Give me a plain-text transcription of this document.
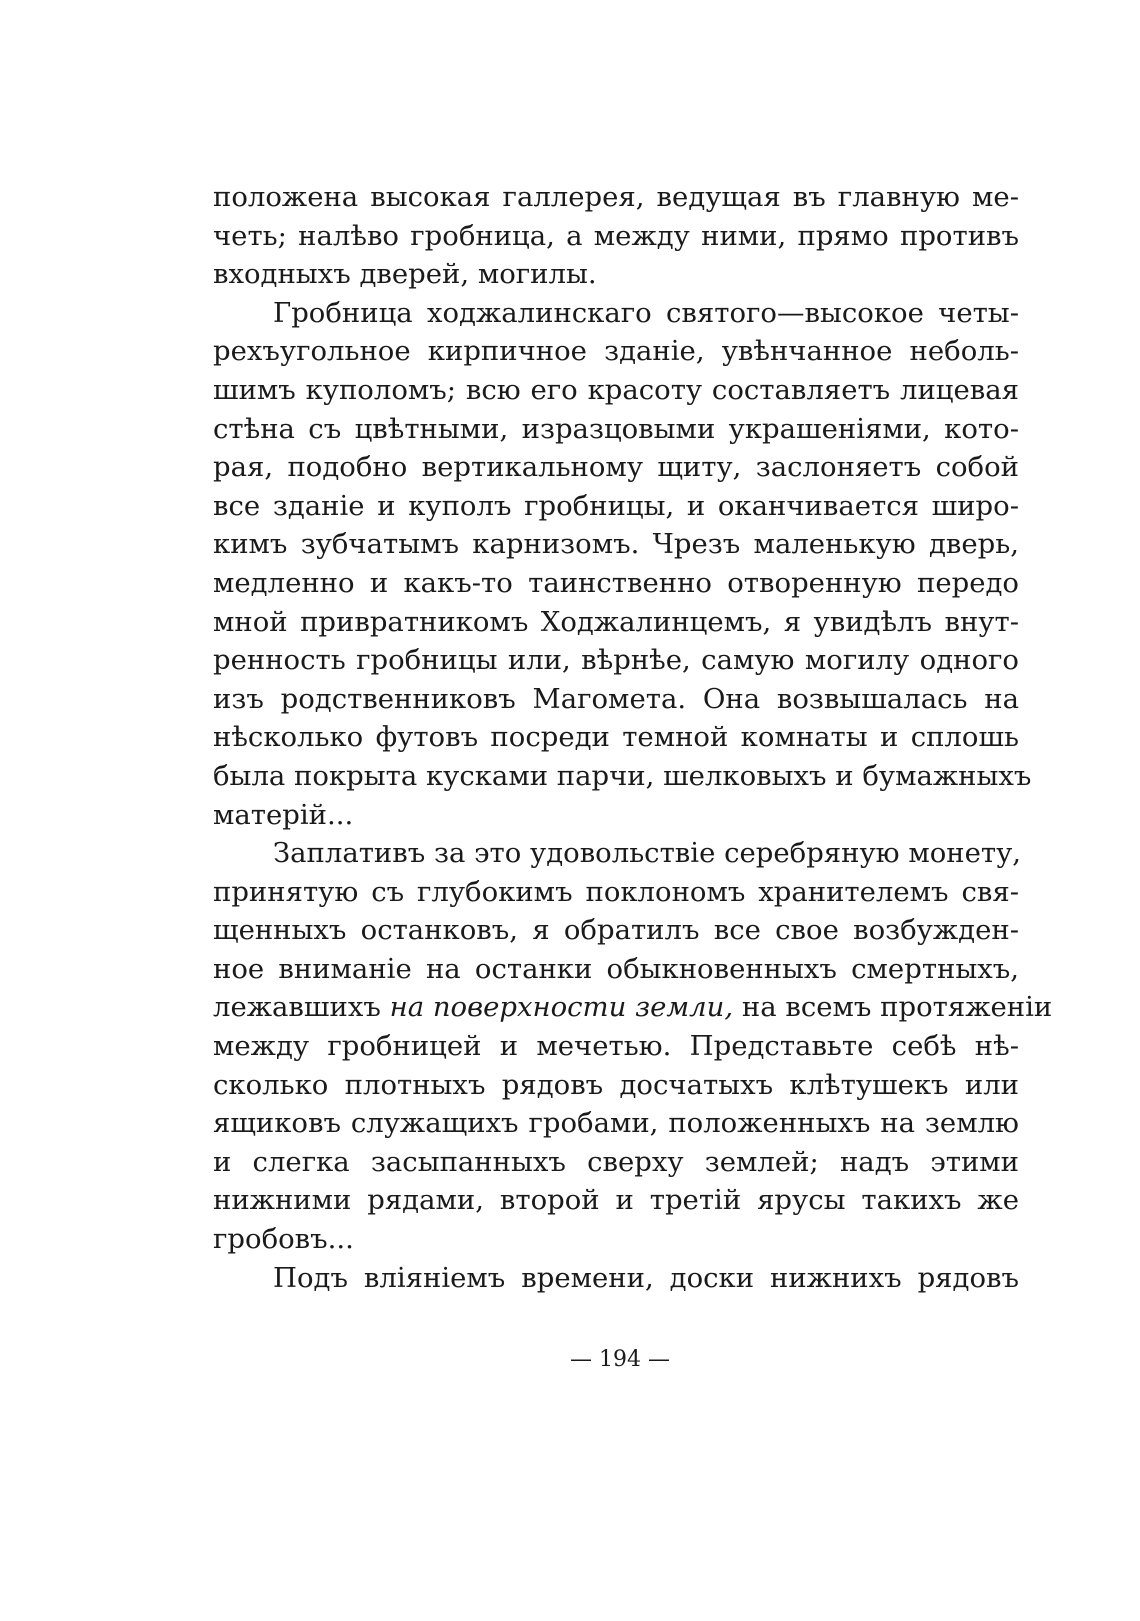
положена высокая галлерея, ведущая въ главную ме-
четь; налѣво гробница, а между ними, прямо противъ
входныхъ дверей, могилы.
Гробница ходжалинскаго святого—высокое четы-
рехъугольное кирпичное зданіе, увѣнчанное неболь-
шимъ куполомъ; всю его красоту составляетъ лицевая
стѣна съ цвѣтными, изразцовыми украшеніями, кото-
рая, подобно вертикальному щиту, заслоняетъ собой
все зданіе и куполъ гробницы, и оканчивается широ-
кимъ зубчатымъ карнизомъ. Чрезъ маленькую дверь,
медленно и какъ-то таинственно отворенную передо
мной привратникомъ Ходжалинцемъ, я увидѣлъ внут-
ренность гробницы или, вѣрнѣе, самую могилу одного
изъ родственниковъ Магомета. Она возвышалась на
нѣсколько футовъ посреди темной комнаты и сплошь
была покрыта кусками парчи, шелковыхъ и бумажныхъ
матерій...
Заплативъ за это удовольствіе серебряную монету,
принятую съ глубокимъ поклономъ хранителемъ свя-
щенныхъ останковъ, я обратилъ все свое возбужден-
ное вниманіе на останки обыкновенныхъ смертныхъ,
лежавшихъ на поверхности земли, на всемъ протяженіи
между гробницей и мечетью. Представьте себѣ нѣ-
сколько плотныхъ рядовъ досчатыхъ клѣтушекъ или
ящиковъ служащихъ гробами, положенныхъ на землю
и слегка засыпанныхъ сверху землей; надъ этими
нижними рядами, второй и третій ярусы такихъ же
гробовъ...
Подъ вліяніемъ времени, доски нижнихъ рядовъ
— 194 —
